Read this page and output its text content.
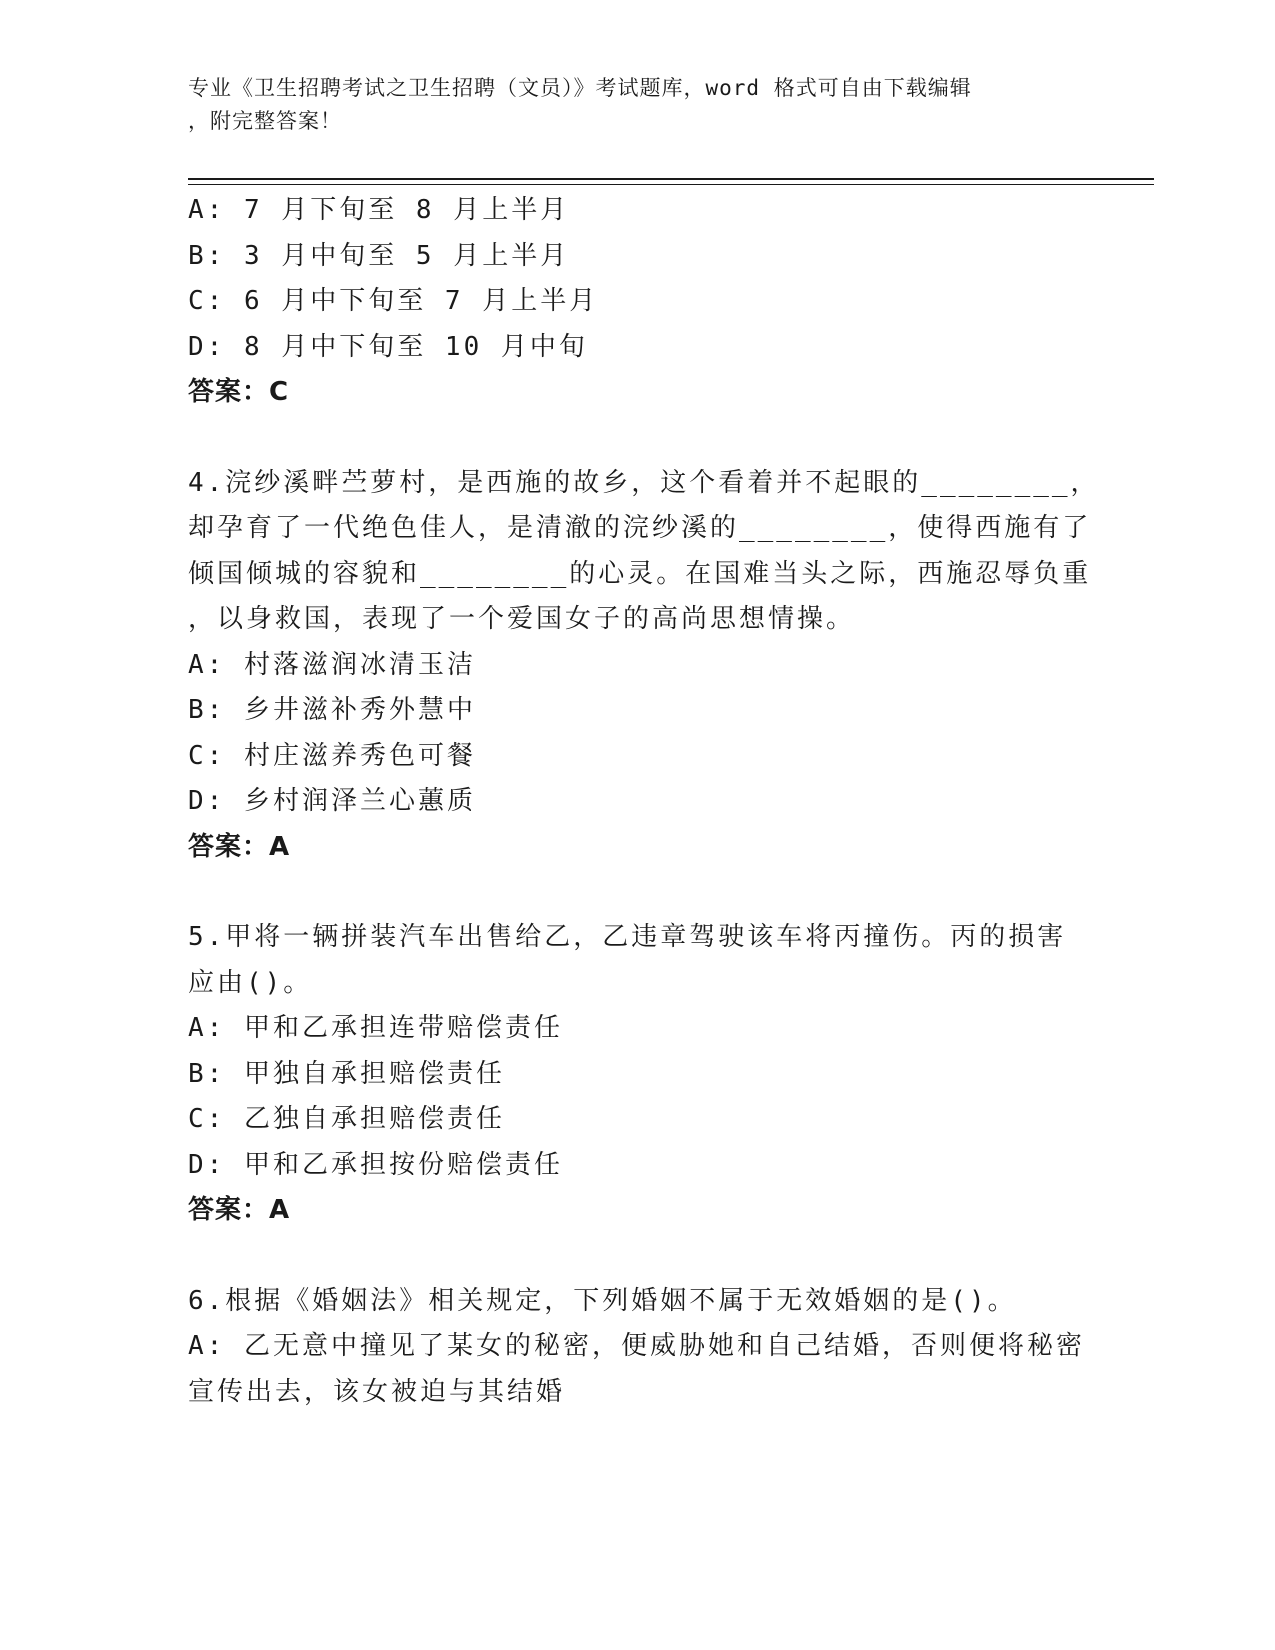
专业《卫生招聘考试之卫生招聘（文员）》考试题库，word 格式可自由下载编辑
，附完整答案！
A: 7 月下旬至 8 月上半月
B: 3 月中旬至 5 月上半月
C: 6 月中下旬至 7 月上半月
D: 8 月中下旬至 10 月中旬
答案：C
4.浣纱溪畔苎萝村，是西施的故乡，这个看着并不起眼的________，
却孕育了一代绝色佳人，是清澈的浣纱溪的________，使得西施有了
倾国倾城的容貌和________的心灵。在国难当头之际，西施忍辱负重
，以身救国，表现了一个爱国女子的高尚思想情操。
A: 村落滋润冰清玉洁
B: 乡井滋补秀外慧中
C: 村庄滋养秀色可餐
D: 乡村润泽兰心蕙质
答案：A
5.甲将一辆拼装汽车出售给乙，乙违章驾驶该车将丙撞伤。丙的损害
应由()。
A: 甲和乙承担连带赔偿责任
B: 甲独自承担赔偿责任
C: 乙独自承担赔偿责任
D: 甲和乙承担按份赔偿责任
答案：A
6.根据《婚姻法》相关规定，下列婚姻不属于无效婚姻的是()。
A: 乙无意中撞见了某女的秘密，便威胁她和自己结婚，否则便将秘密
宣传出去，该女被迫与其结婚
